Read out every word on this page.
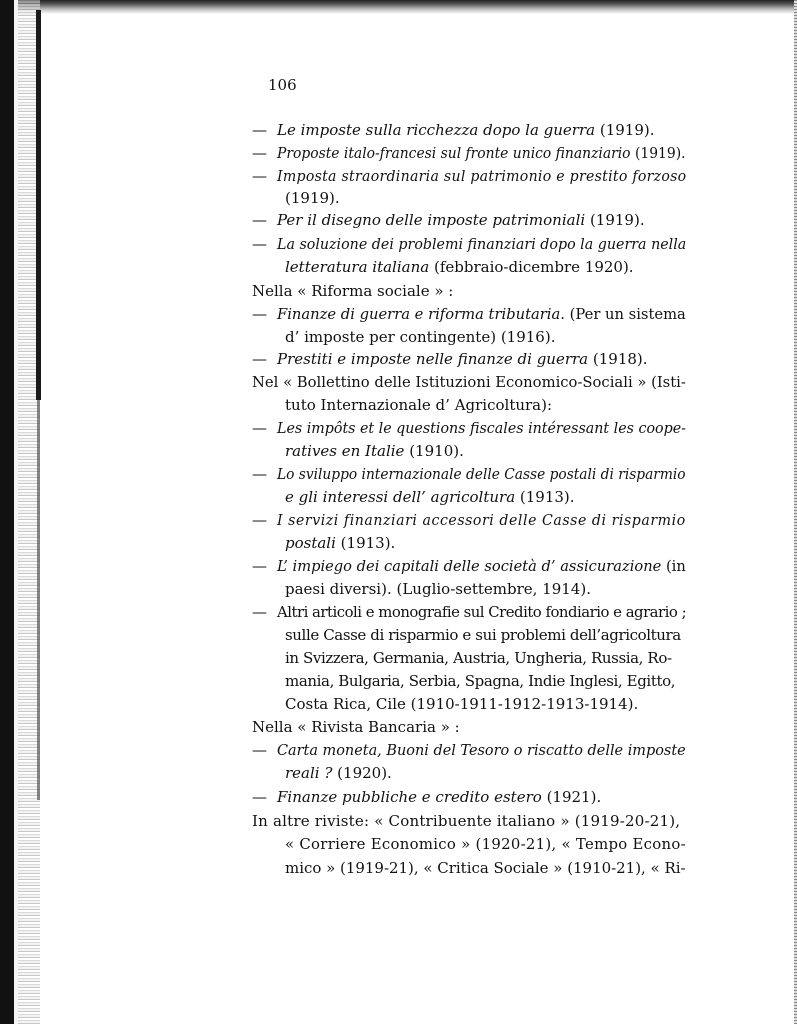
106
— Le imposte sulla ricchezza dopo la guerra (1919).
— Proposte italo-francesi sul fronte unico finanziario (1919).
— Imposta straordinaria sul patrimonio e prestito forzoso
(1919).
— Per il disegno delle imposte patrimoniali (1919).
— La soluzione dei problemi finanziari dopo la guerra nella
letteratura italiana (febbraio-dicembre 1920).
Nella « Riforma sociale » :
— Finanze di guerra e riforma tributaria. (Per un sistema
d’ imposte per contingente) (1916).
— Prestiti e imposte nelle finanze di guerra (1918).
Nel « Bollettino delle Istituzioni Economico-Sociali » (Isti-
tuto Internazionale d’ Agricoltura):
— Les impôts et le questions fiscales intéressant les coope-
ratives en Italie (1910).
— Lo sviluppo internazionale delle Casse postali di risparmio
e gli interessi dell’ agricoltura (1913).
— I servizi finanziari accessori delle Casse di risparmio
postali (1913).
— L’ impiego dei capitali delle società d’ assicurazione (in
paesi diversi). (Luglio-settembre, 1914).
— Altri articoli e monografie sul Credito fondiario e agrario ;
sulle Casse di risparmio e sui problemi dell’agricoltura
in Svizzera, Germania, Austria, Ungheria, Russia, Ro-
mania, Bulgaria, Serbia, Spagna, Indie Inglesi, Egitto,
Costa Rica, Cile (1910-1911-1912-1913-1914).
Nella « Rivista Bancaria » :
— Carta moneta, Buoni del Tesoro o riscatto delle imposte
reali ? (1920).
— Finanze pubbliche e credito estero (1921).
In altre riviste: « Contribuente italiano » (1919-20-21),
« Corriere Economico » (1920-21), « Tempo Econo-
mico » (1919-21), « Critica Sociale » (1910-21), « Ri-
